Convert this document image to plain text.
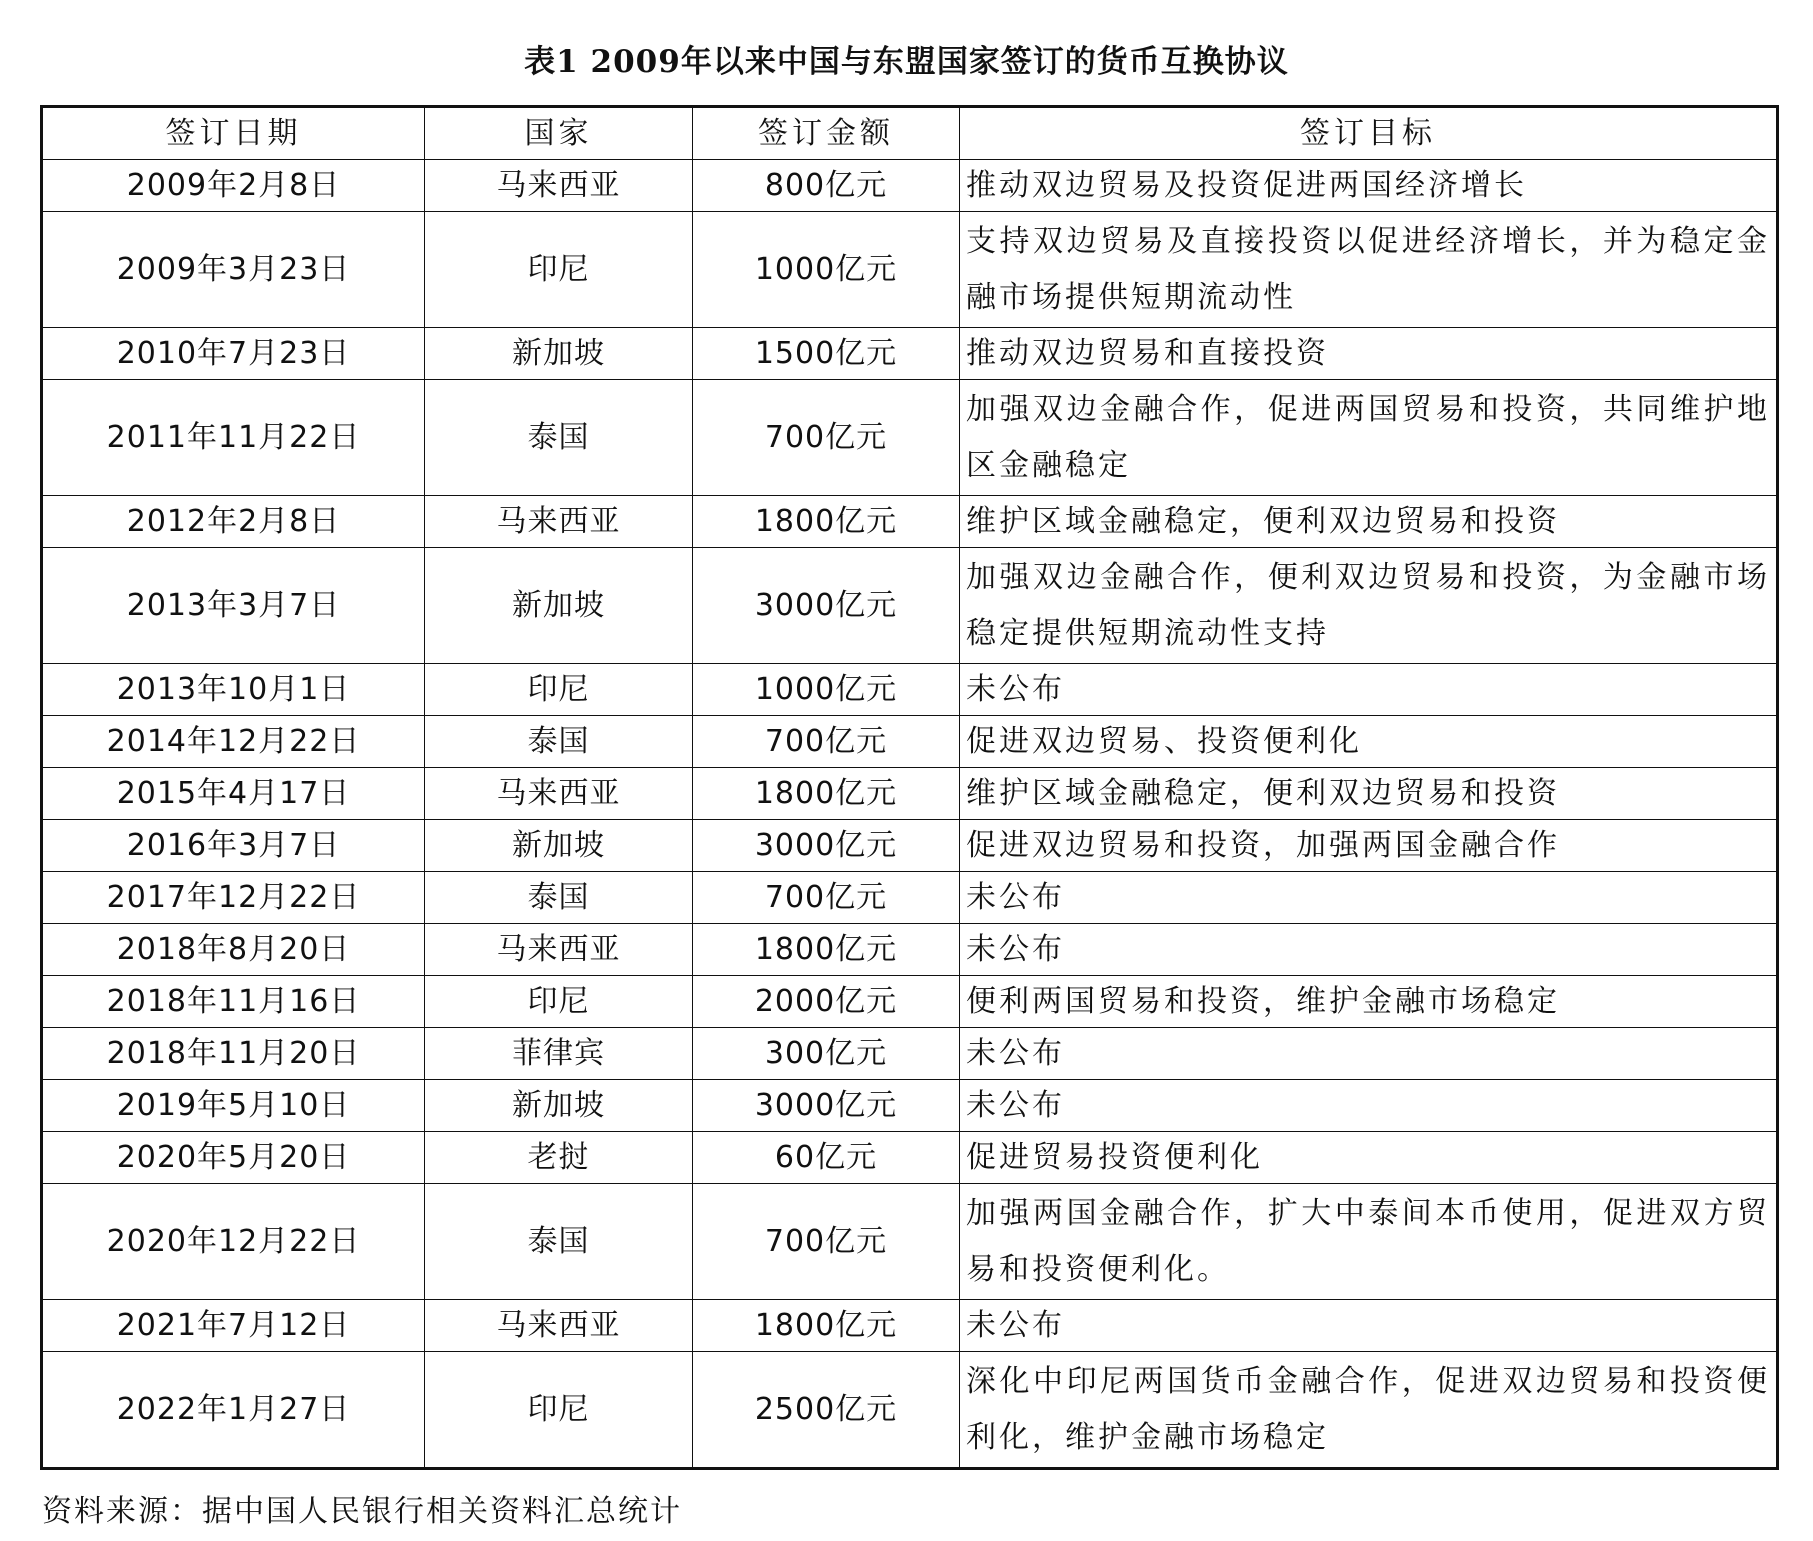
表1 2009年以来中国与东盟国家签订的货币互换协议
签订日期	国家	签订金额	签订目标
2009年2月8日	马来西亚	800亿元	推动双边贸易及投资促进两国经济增长
2009年3月23日	印尼	1000亿元	支持双边贸易及直接投资以促进经济增长，并为稳定金融市场提供短期流动性
2010年7月23日	新加坡	1500亿元	推动双边贸易和直接投资
2011年11月22日	泰国	700亿元	加强双边金融合作，促进两国贸易和投资，共同维护地区金融稳定
2012年2月8日	马来西亚	1800亿元	维护区域金融稳定，便利双边贸易和投资
2013年3月7日	新加坡	3000亿元	加强双边金融合作，便利双边贸易和投资，为金融市场稳定提供短期流动性支持
2013年10月1日	印尼	1000亿元	未公布
2014年12月22日	泰国	700亿元	促进双边贸易、投资便利化
2015年4月17日	马来西亚	1800亿元	维护区域金融稳定，便利双边贸易和投资
2016年3月7日	新加坡	3000亿元	促进双边贸易和投资，加强两国金融合作
2017年12月22日	泰国	700亿元	未公布
2018年8月20日	马来西亚	1800亿元	未公布
2018年11月16日	印尼	2000亿元	便利两国贸易和投资，维护金融市场稳定
2018年11月20日	菲律宾	300亿元	未公布
2019年5月10日	新加坡	3000亿元	未公布
2020年5月20日	老挝	60亿元	促进贸易投资便利化
2020年12月22日	泰国	700亿元	加强两国金融合作，扩大中泰间本币使用，促进双方贸易和投资便利化。
2021年7月12日	马来西亚	1800亿元	未公布
2022年1月27日	印尼	2500亿元	深化中印尼两国货币金融合作，促进双边贸易和投资便利化，维护金融市场稳定
资料来源：据中国人民银行相关资料汇总统计
